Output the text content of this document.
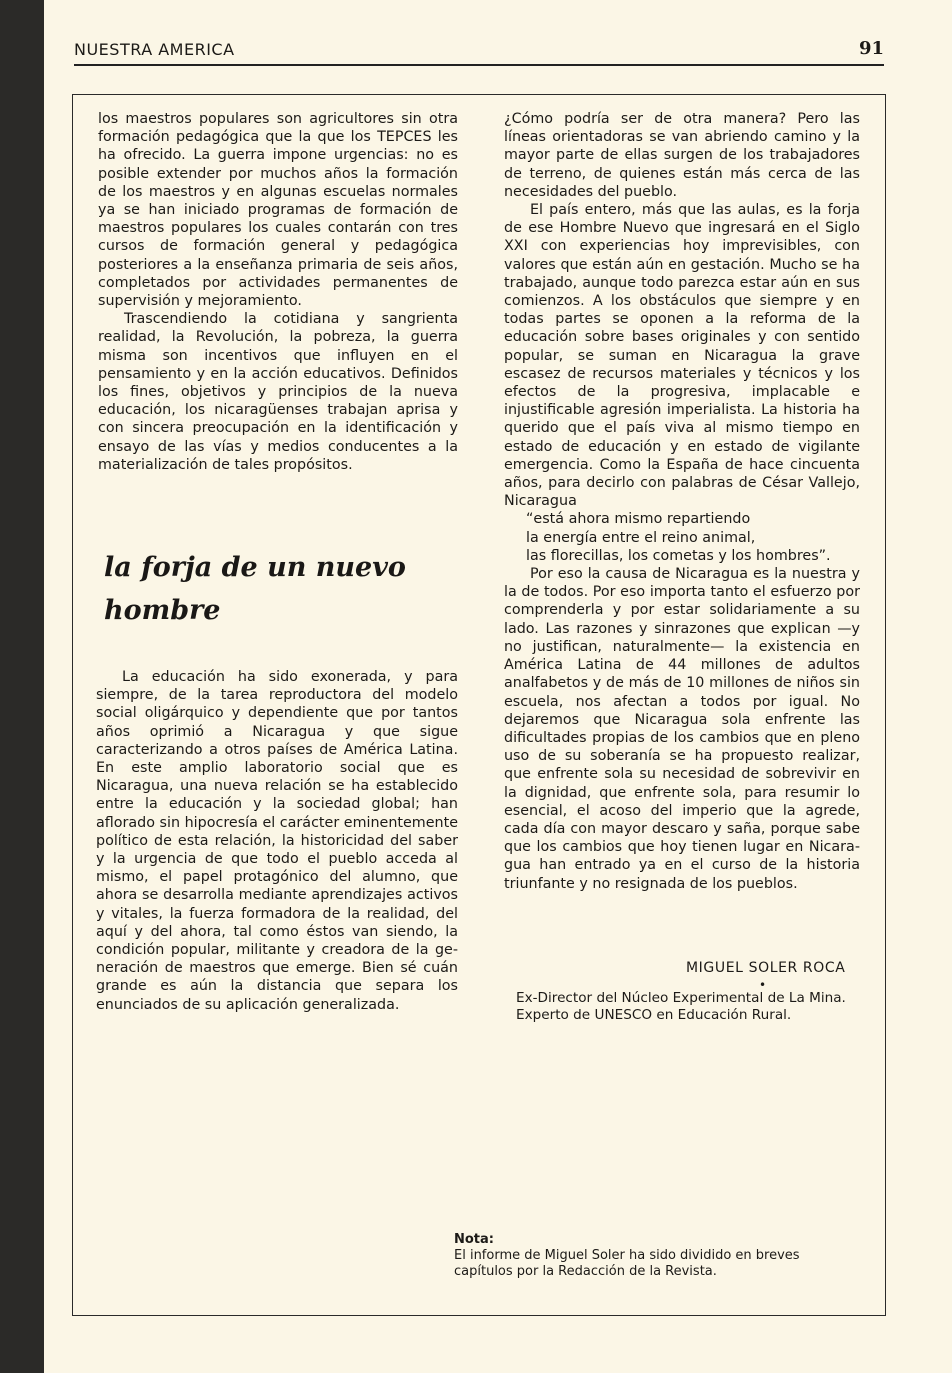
NUESTRA AMERICA	91

los maestros populares son agricultores sin otra formación pedagógica que la que los TEPCES les ha ofrecido. La guerra impone urgencias: no es posible extender por muchos años la formación de los maestros y en algunas escuelas normales ya se han iniciado programas de formación de maestros populares los cuales contarán con tres cursos de formación general y pedagógica posteriores a la enseñanza primaria de seis años, completados por actividades permanentes de supervisión y mejoramiento.

Trascendiendo la cotidiana y sangrienta realidad, la Revolución, la pobreza, la guerra misma son incentivos que influyen en el pensamiento y en la acción educativos. Definidos los fines, objetivos y principios de la nueva educación, los nicaragüenses trabajan aprisa y con sincera preocupación en la identificación y ensayo de las vías y medios conducentes a la materialización de tales propósitos.

la forja de un nuevo hombre

La educación ha sido exonerada, y para siempre, de la tarea reproductora del modelo social oligárquico y dependiente que por tantos años oprimió a Nicaragua y que sigue caracterizando a otros países de América Latina. En este amplio laboratorio social que es Nicaragua, una nueva relación se ha establecido entre la educación y la sociedad global; han aflorado sin hipocresía el carácter eminentemente político de esta relación, la historicidad del saber y la urgencia de que todo el pueblo acceda al mismo, el papel protagónico del alumno, que ahora se desarrolla mediante aprendizajes activos y vitales, la fuerza formadora de la realidad, del aquí y del ahora, tal como éstos van siendo, la condición popular, militante y creadora de la generación de maestros que emerge. Bien sé cuán grande es aún la distancia que separa los enunciados de su aplicación generalizada.

¿Cómo podría ser de otra manera? Pero las líneas orientadoras se van abriendo camino y la mayor parte de ellas surgen de los trabajadores de terreno, de quienes están más cerca de las necesidades del pueblo.

El país entero, más que las aulas, es la forja de ese Hombre Nuevo que ingresará en el Siglo XXI con experiencias hoy imprevisibles, con valores que están aún en gestación. Mucho se ha trabajado, aunque todo parezca estar aún en sus comienzos. A los obstáculos que siempre y en todas partes se oponen a la reforma de la educación sobre bases originales y con sentido popular, se suman en Nicaragua la grave escasez de recursos materiales y técnicos y los efectos de la progresiva, implacable e injustificable agresión imperialista. La historia ha querido que el país viva al mismo tiempo en estado de educación y en estado de vigilante emergencia. Como la España de hace cincuenta años, para decirlo con palabras de César Vallejo, Nicaragua

“está ahora mismo repartiendo

la energía entre el reino animal,

las florecillas, los cometas y los hombres”.

Por eso la causa de Nicaragua es la nuestra y la de todos. Por eso importa tanto el esfuerzo por comprenderla y por estar solidariamente a su lado. Las razones y sinrazones que explican —y no justifican, naturalmente— la existencia en América Latina de 44 millones de adultos analfabetos y de más de 10 millones de niños sin escuela, nos afectan a todos por igual. No dejaremos que Nicaragua sola enfrente las dificultades propias de los cambios que en pleno uso de su soberanía se ha propuesto realizar, que enfrente sola su necesidad de sobrevivir en la dignidad, que enfrente sola, para resumir lo esencial, el acoso del imperio que la agrede, cada día con mayor descaro y saña, porque sabe que los cambios que hoy tienen lugar en Nicaragua han entrado ya en el curso de la historia triunfante y no resignada de los pueblos.

MIGUEL SOLER ROCA
•
Ex-Director del Núcleo Experimental de La Mina.
Experto de UNESCO en Educación Rural.
Nota:
El informe de Miguel Soler ha sido dividido en breves capítulos por la Redacción de la Revista.
